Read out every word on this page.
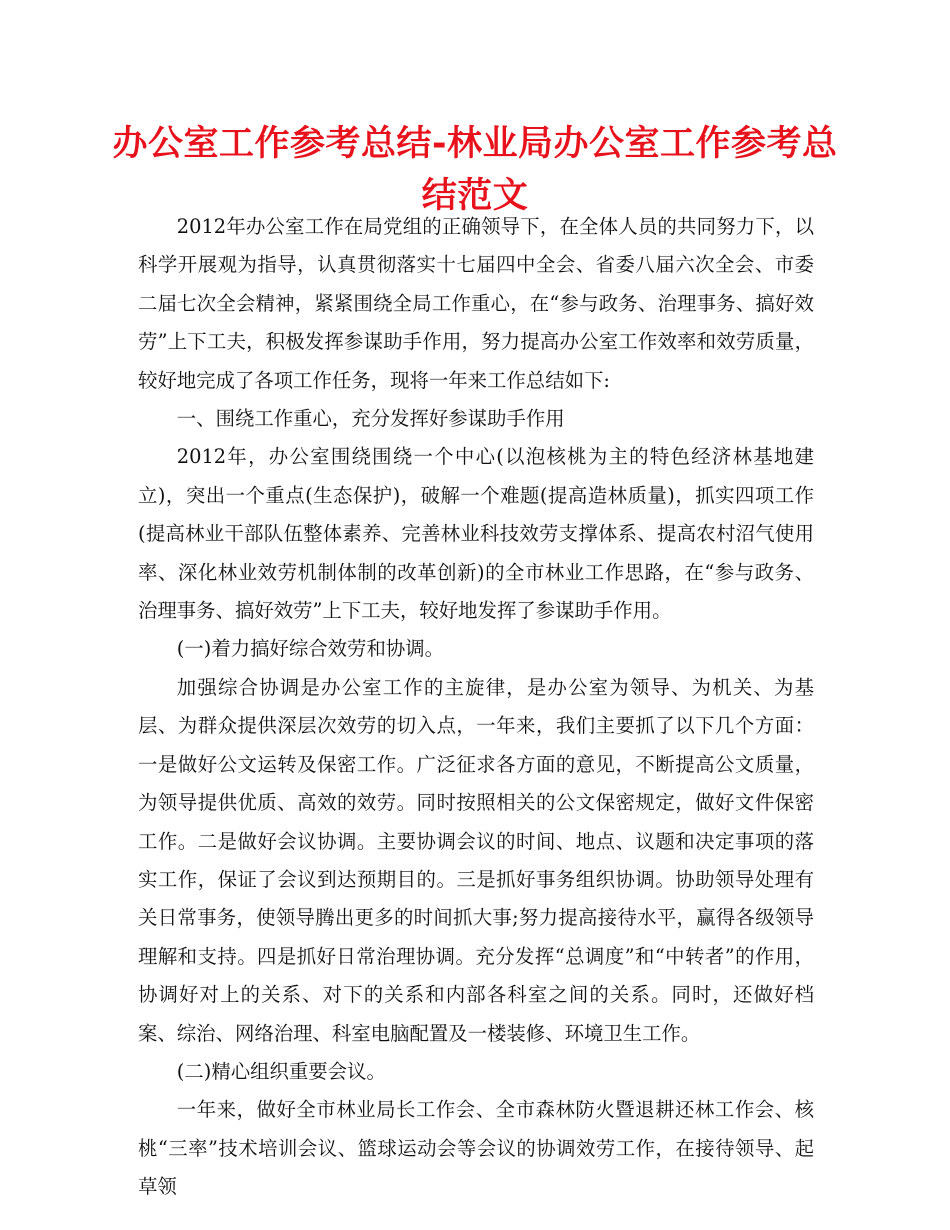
办公室工作参考总结-林业局办公室工作参考总结范文

2012年办公室工作在局党组的正确领导下，在全体人员的共同努力下，以科学开展观为指导，认真贯彻落实十七届四中全会、省委八届六次全会、市委二届七次全会精神，紧紧围绕全局工作重心，在“参与政务、治理事务、搞好效劳”上下工夫，积极发挥参谋助手作用，努力提高办公室工作效率和效劳质量，较好地完成了各项工作任务，现将一年来工作总结如下:

一、围绕工作重心，充分发挥好参谋助手作用

2012年，办公室围绕围绕一个中心(以泡核桃为主的特色经济林基地建立)，突出一个重点(生态保护)，破解一个难题(提高造林质量)，抓实四项工作(提高林业干部队伍整体素养、完善林业科技效劳支撑体系、提高农村沼气使用率、深化林业效劳机制体制的改革创新)的全市林业工作思路，在“参与政务、治理事务、搞好效劳”上下工夫，较好地发挥了参谋助手作用。

(一)着力搞好综合效劳和协调。

加强综合协调是办公室工作的主旋律，是办公室为领导、为机关、为基层、为群众提供深层次效劳的切入点，一年来，我们主要抓了以下几个方面：一是做好公文运转及保密工作。广泛征求各方面的意见，不断提高公文质量，为领导提供优质、高效的效劳。同时按照相关的公文保密规定，做好文件保密工作。二是做好会议协调。主要协调会议的时间、地点、议题和决定事项的落实工作，保证了会议到达预期目的。三是抓好事务组织协调。协助领导处理有关日常事务，使领导腾出更多的时间抓大事;努力提高接待水平，赢得各级领导理解和支持。四是抓好日常治理协调。充分发挥“总调度”和“中转者”的作用，协调好对上的关系、对下的关系和内部各科室之间的关系。同时，还做好档案、综治、网络治理、科室电脑配置及一楼装修、环境卫生工作。

(二)精心组织重要会议。

一年来，做好全市林业局长工作会、全市森林防火暨退耕还林工作会、核桃“三率”技术培训会议、篮球运动会等会议的协调效劳工作，在接待领导、起草领
